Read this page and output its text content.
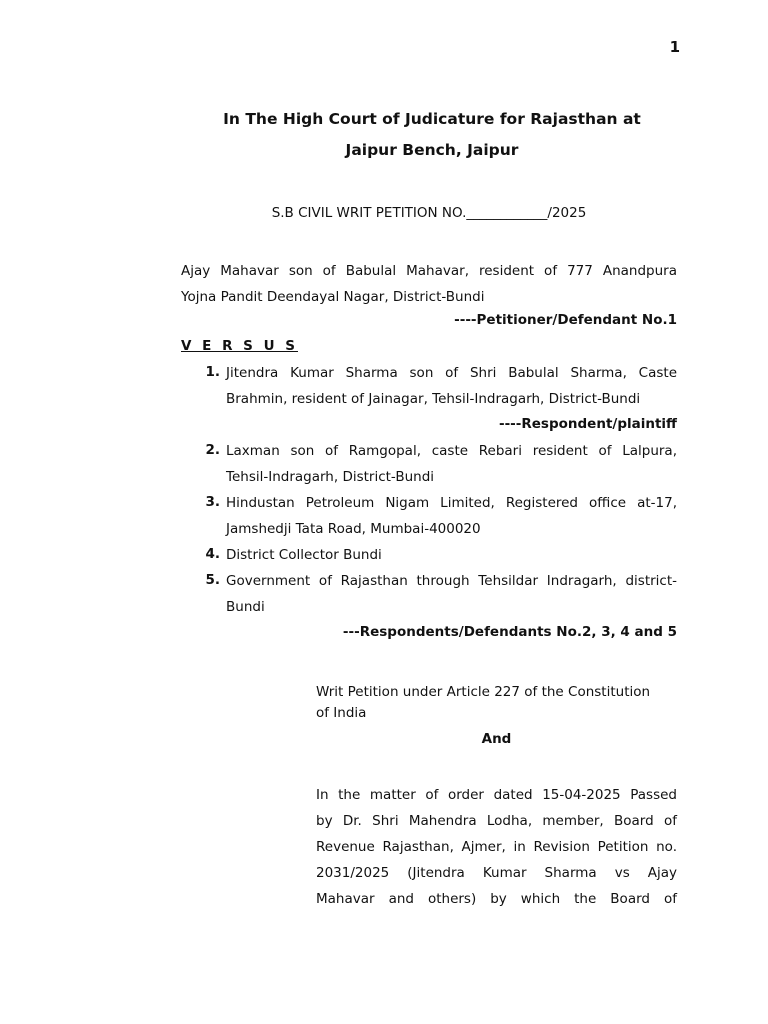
1
In The High Court of Judicature for Rajasthan at
Jaipur Bench, Jaipur
S.B CIVIL WRIT PETITION NO.____________/2025
Ajay Mahavar son of Babulal Mahavar, resident of 777 Anandpura
Yojna Pandit Deendayal Nagar, District-Bundi
----Petitioner/Defendant No.1
V E R S U S
1. Jitendra Kumar Sharma son of Shri Babulal Sharma, Caste
Brahmin, resident of Jainagar, Tehsil-Indragarh, District-Bundi
----Respondent/plaintiff
2. Laxman son of Ramgopal, caste Rebari resident of Lalpura,
Tehsil-Indragarh, District-Bundi
3. Hindustan Petroleum Nigam Limited, Registered office at-17,
Jamshedji Tata Road, Mumbai-400020
4. District Collector Bundi
5. Government of Rajasthan through Tehsildar Indragarh, district-
Bundi
---Respondents/Defendants No.2, 3, 4 and 5
Writ Petition under Article 227 of the Constitution
of India
And
In the matter of order dated 15-04-2025 Passed
by Dr. Shri Mahendra Lodha, member, Board of
Revenue Rajasthan, Ajmer, in Revision Petition no.
2031/2025 (Jitendra Kumar Sharma vs Ajay
Mahavar and others) by which the Board of
